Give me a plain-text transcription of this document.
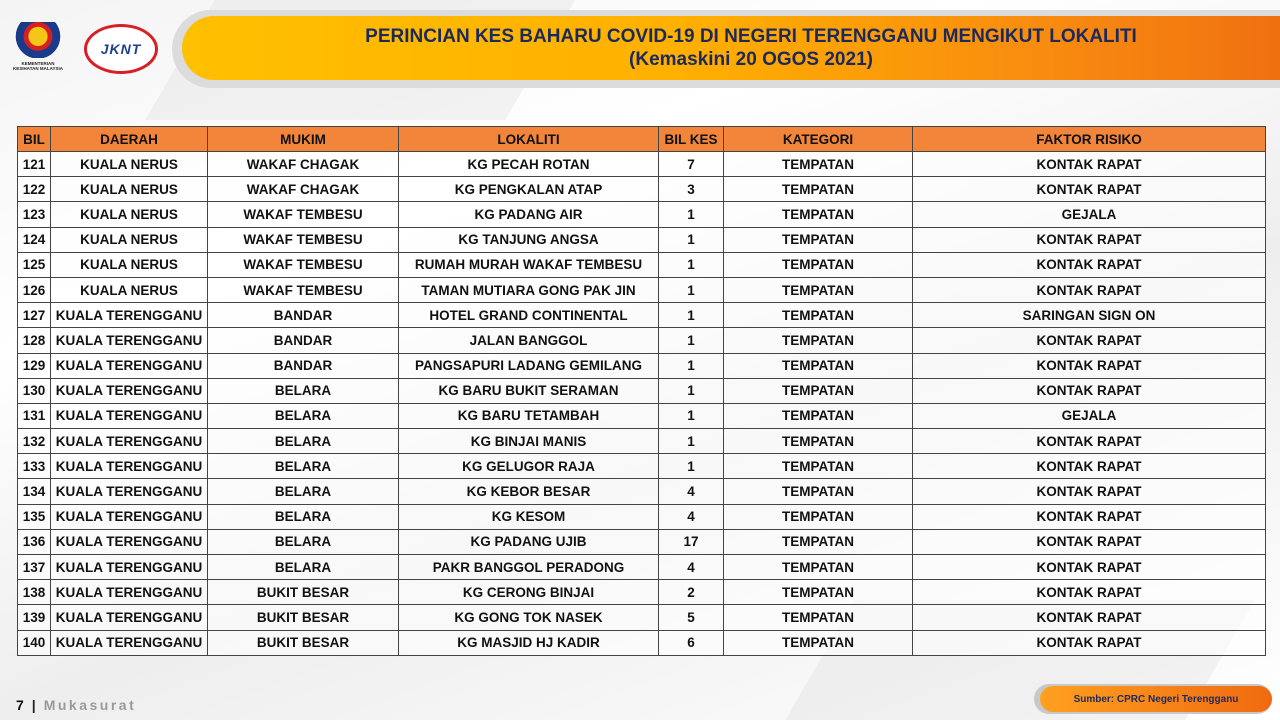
KEMENTERIAN KESIHATAN MALAYSIA
JKNT
PERINCIAN KES BAHARU COVID-19 DI NEGERI TERENGGANU MENGIKUT LOKALITI
(Kemaskini 20 OGOS 2021)
BIL	DAERAH	MUKIM	LOKALITI	BIL KES	KATEGORI	FAKTOR RISIKO
121	KUALA NERUS	WAKAF CHAGAK	KG PECAH ROTAN	7	TEMPATAN	KONTAK RAPAT
122	KUALA NERUS	WAKAF CHAGAK	KG PENGKALAN ATAP	3	TEMPATAN	KONTAK RAPAT
123	KUALA NERUS	WAKAF TEMBESU	KG PADANG AIR	1	TEMPATAN	GEJALA
124	KUALA NERUS	WAKAF TEMBESU	KG TANJUNG ANGSA	1	TEMPATAN	KONTAK RAPAT
125	KUALA NERUS	WAKAF TEMBESU	RUMAH MURAH WAKAF TEMBESU	1	TEMPATAN	KONTAK RAPAT
126	KUALA NERUS	WAKAF TEMBESU	TAMAN MUTIARA GONG PAK JIN	1	TEMPATAN	KONTAK RAPAT
127	KUALA TERENGGANU	BANDAR	HOTEL GRAND CONTINENTAL	1	TEMPATAN	SARINGAN SIGN ON
128	KUALA TERENGGANU	BANDAR	JALAN BANGGOL	1	TEMPATAN	KONTAK RAPAT
129	KUALA TERENGGANU	BANDAR	PANGSAPURI LADANG GEMILANG	1	TEMPATAN	KONTAK RAPAT
130	KUALA TERENGGANU	BELARA	KG BARU BUKIT SERAMAN	1	TEMPATAN	KONTAK RAPAT
131	KUALA TERENGGANU	BELARA	KG BARU TETAMBAH	1	TEMPATAN	GEJALA
132	KUALA TERENGGANU	BELARA	KG BINJAI MANIS	1	TEMPATAN	KONTAK RAPAT
133	KUALA TERENGGANU	BELARA	KG GELUGOR RAJA	1	TEMPATAN	KONTAK RAPAT
134	KUALA TERENGGANU	BELARA	KG KEBOR BESAR	4	TEMPATAN	KONTAK RAPAT
135	KUALA TERENGGANU	BELARA	KG KESOM	4	TEMPATAN	KONTAK RAPAT
136	KUALA TERENGGANU	BELARA	KG PADANG UJIB	17	TEMPATAN	KONTAK RAPAT
137	KUALA TERENGGANU	BELARA	PAKR BANGGOL PERADONG	4	TEMPATAN	KONTAK RAPAT
138	KUALA TERENGGANU	BUKIT BESAR	KG CERONG BINJAI	2	TEMPATAN	KONTAK RAPAT
139	KUALA TERENGGANU	BUKIT BESAR	KG GONG TOK NASEK	5	TEMPATAN	KONTAK RAPAT
140	KUALA TERENGGANU	BUKIT BESAR	KG MASJID HJ KADIR	6	TEMPATAN	KONTAK RAPAT
7 | Mukasurat	Sumber: CPRC Negeri Terengganu
